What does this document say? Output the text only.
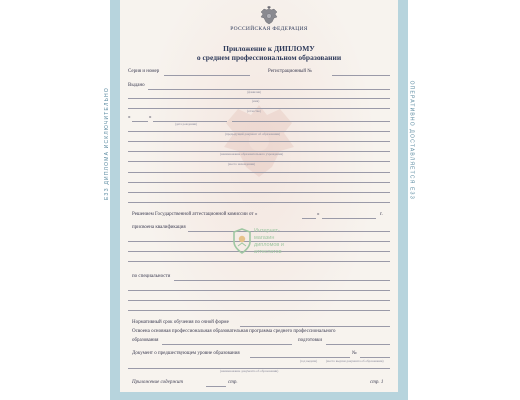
ЕЗЗ ДИПЛОМА ИСКЛЮЧИТЕЛЬНО	ОПЕРАТИВНО ДОСТАВЛЯЕТСЯ ЕЗЗ
РОССИЙСКАЯ ФЕДЕРАЦИЯ
Приложение к ДИПЛОМУ
о среднем профессиональном образовании
Серия и номер	Регистрационный №
Выдано
(фамилия)
(имя)
(отчество)
«	»
(дата рождения)
(предыдущий документ об образовании)
(наименование образовательного учреждения)
(место нахождения)
Решением Государственной аттестационной комиссии от «	»	г.
присвоена квалификация
Интернет-
магазин
дипломов и
аттестатов
по специальности
Нормативный срок обучения по очной форме
Освоена основная профессиональная образовательная программа среднего профессионального
образования	подготовки
Документ о предшествующем уровне образования	№
(год выдачи)	(место выдачи документа об образовании)
(наименование документа об образовании)
Приложение содержит	стр.	стр. 1
